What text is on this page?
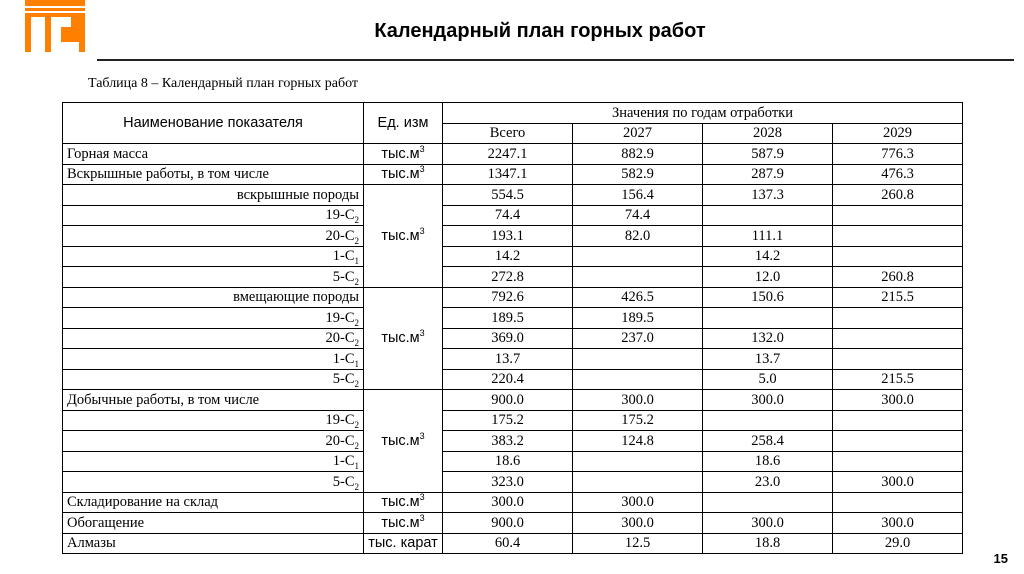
Календарный план горных работ
Таблица 8 – Календарный план горных работ
Наименование показателя	Ед. изм	Значения по годам отработки			
		Всего	2027	2028	2029
Горная масса	$тыс.м^3$	2247.1	882.9	587.9	776.3
Вскрышные работы, в том числе	$тыс.м^3$	1347.1	582.9	287.9	476.3
вскрышные породы	$тыс.м^3$	554.5	156.4	137.3	260.8
$19-С_2$		74.4	74.4		
$20-С_2$		193.1	82.0	111.1	
$1-С_1$		14.2		14.2	
$5-С_2$		272.8		12.0	260.8
вмещающие породы	$тыс.м^3$	792.6	426.5	150.6	215.5
$19-С_2$		189.5	189.5		
$20-С_2$		369.0	237.0	132.0	
$1-С_1$		13.7		13.7	
$5-С_2$		220.4		5.0	215.5
Добычные работы, в том числе	$тыс.м^3$	900.0	300.0	300.0	300.0
$19-С_2$		175.2	175.2		
$20-С_2$		383.2	124.8	258.4	
$1-С_1$		18.6		18.6	
$5-С_2$		323.0		23.0	300.0
Складирование на склад	$тыс.м^3$	300.0	300.0		
Обогащение	$тыс.м^3$	900.0	300.0	300.0	300.0
Алмазы	тыс. карат	60.4	12.5	18.8	29.0
15
